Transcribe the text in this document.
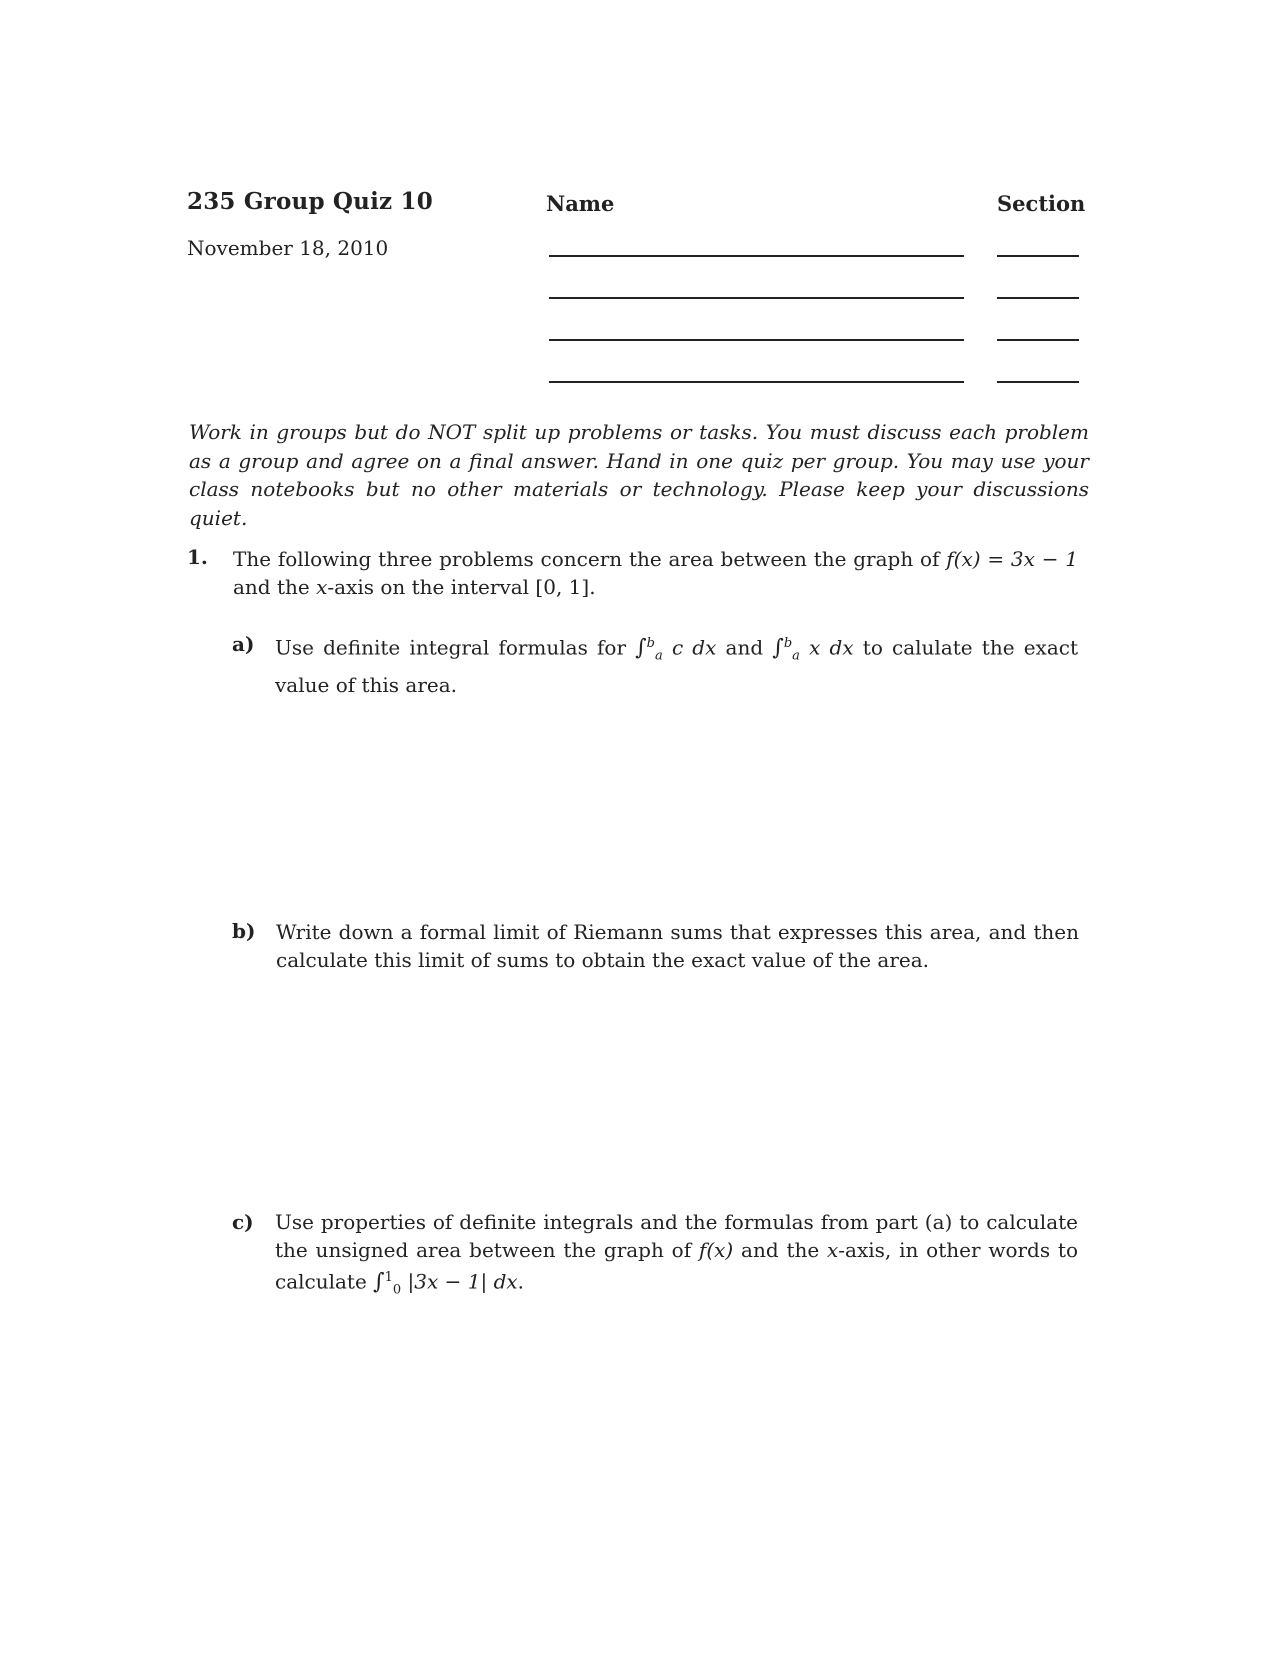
235 Group Quiz 10
November 18, 2010
Name	Section
Work in groups but do NOT split up problems or tasks. You must discuss each problem as a group and agree on a final answer. Hand in one quiz per group. You may use your class notebooks but no other materials or technology. Please keep your discussions quiet.
1. The following three problems concern the area between the graph of f(x) = 3x − 1 and the x-axis on the interval [0, 1].
a) Use definite integral formulas for ∫$^b_a$ c dx and ∫$^b_a$ x dx to calulate the exact value of this area.
b) Write down a formal limit of Riemann sums that expresses this area, and then calculate this limit of sums to obtain the exact value of the area.
c) Use properties of definite integrals and the formulas from part (a) to calculate the unsigned area between the graph of f(x) and the x-axis, in other words to calculate ∫$^1_0$ |3x − 1| dx.
